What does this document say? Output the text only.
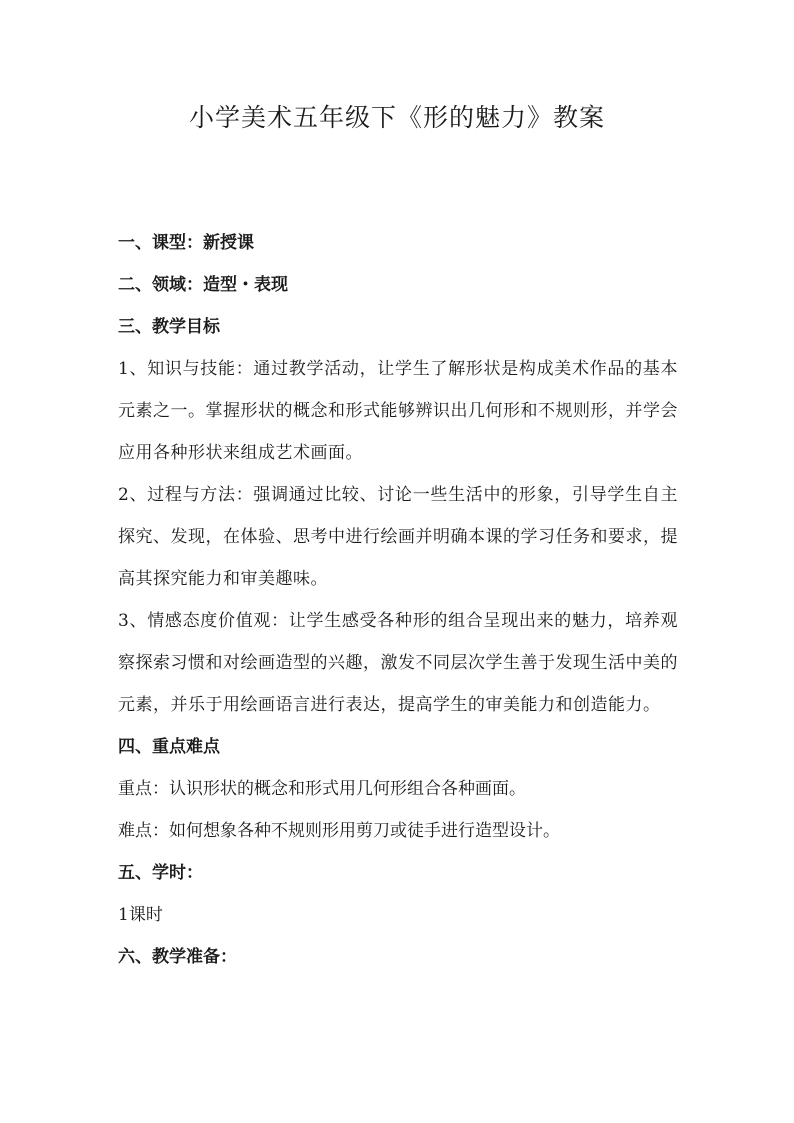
小学美术五年级下《形的魅力》教案
一、课型：新授课
二、领域：造型・表现
三、教学目标
1、知识与技能：通过教学活动，让学生了解形状是构成美术作品的基本元素之一。掌握形状的概念和形式能够辨识出几何形和不规则形，并学会应用各种形状来组成艺术画面。
2、过程与方法：强调通过比较、讨论一些生活中的形象，引导学生自主探究、发现，在体验、思考中进行绘画并明确本课的学习任务和要求，提高其探究能力和审美趣味。
3、情感态度价值观：让学生感受各种形的组合呈现出来的魅力，培养观察探索习惯和对绘画造型的兴趣，激发不同层次学生善于发现生活中美的元素，并乐于用绘画语言进行表达，提高学生的审美能力和创造能力。
四、重点难点
重点：认识形状的概念和形式用几何形组合各种画面。
难点：如何想象各种不规则形用剪刀或徒手进行造型设计。
五、学时：
1课时
六、教学准备：
